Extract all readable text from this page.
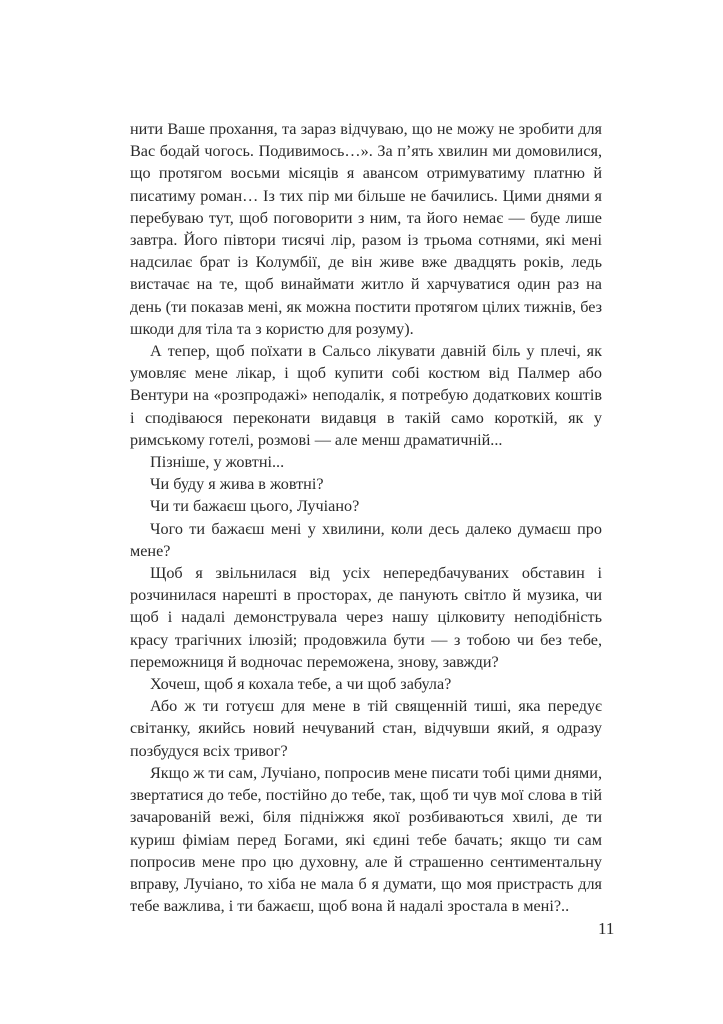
нити Ваше прохання, та зараз відчуваю, що не можу не зробити для Вас бодай чогось. Подивимось…». За п’ять хвилин ми домовилися, що протягом восьми місяців я авансом отримуватиму платню й писатиму роман… Із тих пір ми більше не бачились. Цими днями я перебуваю тут, щоб поговорити з ним, та його немає — буде лише завтра. Його півтори тисячі лір, разом із трьома сотнями, які мені надсилає брат із Колумбії, де він живе вже двадцять років, ледь вистачає на те, щоб винаймати житло й харчуватися один раз на день (ти показав мені, як можна постити протягом цілих тижнів, без шкоди для тіла та з користю для розуму).

А тепер, щоб поїхати в Сальсо лікувати давній біль у плечі, як умовляє мене лікар, і щоб купити собі костюм від Палмер або Вентури на «розпродажі» неподалік, я потребую додаткових коштів і сподіваюся переконати видавця в такій само короткій, як у римському готелі, розмові — але менш драматичній...

Пізніше, у жовтні...

Чи буду я жива в жовтні?

Чи ти бажаєш цього, Лучіано?

Чого ти бажаєш мені у хвилини, коли десь далеко думаєш про мене?

Щоб я звільнилася від усіх непередбачуваних обставин і розчинилася нарешті в просторах, де панують світло й музика, чи щоб і надалі демонструвала через нашу цілковиту неподібність красу трагічних ілюзій; продовжила бути — з тобою чи без тебе, переможниця й водночас переможена, знову, завжди?

Хочеш, щоб я кохала тебе, а чи щоб забула?

Або ж ти готуєш для мене в тій священній тиші, яка передує світанку, якийсь новий нечуваний стан, відчувши який, я одразу позбудуся всіх тривог?

Якщо ж ти сам, Лучіано, попросив мене писати тобі цими днями, звертатися до тебе, постійно до тебе, так, щоб ти чув мої слова в тій зачарованій вежі, біля підніжжя якої розбиваються хвилі, де ти куриш фіміам перед Богами, які єдині тебе бачать; якщо ти сам попросив мене про цю духовну, але й страшенно сентиментальну вправу, Лучіано, то хіба не мала б я думати, що моя пристрасть для тебе важлива, і ти бажаєш, щоб вона й надалі зростала в мені?..

11
